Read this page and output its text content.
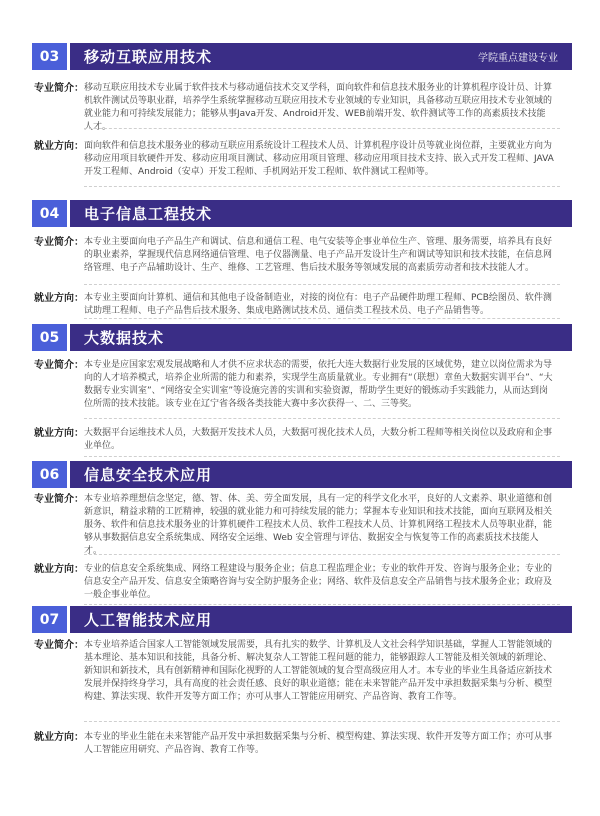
03	移动互联应用技术	学院重点建设专业
专业简介： 移动互联应用技术专业属于软件技术与移动通信技术交叉学科，面向软件和信息技术服务业的计算机程序设计员、计算机软件测试员等职业群，培养学生系统掌握移动互联应用技术专业领域的专业知识，具备移动互联应用技术专业领域的就业能力和可持续发展能力；能够从事Java开发、Android开发、WEB前端开发、软件测试等工作的高素质技术技能人才。
就业方向： 面向软件和信息技术服务业的移动互联应用系统设计工程技术人员、计算机程序设计员等就业岗位群，主要就业方向为移动应用项目软硬件开发、移动应用项目测试、移动应用项目管理、移动应用项目技术支持、嵌入式开发工程师、JAVA开发工程师、Android（安卓）开发工程师、手机网站开发工程师、软件测试工程师等。
04	电子信息工程技术
专业简介： 本专业主要面向电子产品生产和调试、信息和通信工程、电气安装等企事业单位生产、管理、服务需要，培养具有良好的职业素养，掌握现代信息网络通信管理、电子仪器测量、电子产品开发设计生产和调试等知识和技术技能，在信息网络管理、电子产品辅助设计、生产、维修、工艺管理、售后技术服务等领域发展的高素质劳动者和技术技能人才。
就业方向： 本专业主要面向计算机、通信和其他电子设备制造业，对接的岗位有：电子产品硬件助理工程师、PCB绘图员、软件测试助理工程师、电子产品售后技术服务、集成电路测试技术员、通信类工程技术员、电子产品销售等。
05	大数据技术
专业简介： 本专业是应国家宏观发展战略和人才供不应求状态的需要，依托大连大数据行业发展的区域优势，建立以岗位需求为导向的人才培养模式，培养企业所需的能力和素养，实现学生高质量就业。专业拥有“（联想）章鱼大数据实训平台”、“大数据专业实训室”、“网络安全实训室”等设施完善的实训和实验资源，帮助学生更好的锻炼动手实践能力，从而达到岗位所需的技术技能。该专业在辽宁省各级各类技能大赛中多次获得一、二、三等奖。
就业方向： 大数据平台运维技术人员，大数据开发技术人员，大数据可视化技术人员，大数分析工程师等相关岗位以及政府和企事业单位。
06	信息安全技术应用
专业简介： 本专业培养理想信念坚定，德、智、体、美、劳全面发展，具有一定的科学文化水平，良好的人文素养、职业道德和创新意识，精益求精的工匠精神，较强的就业能力和可持续发展的能力；掌握本专业知识和技术技能，面向互联网及相关服务、软件和信息技术服务业的计算机硬件工程技术人员、软件工程技术人员、计算机网络工程技术人员等职业群，能够从事数据信息安全系统集成、网络安全运维、Web 安全管理与评估、数据安全与恢复等工作的高素质技术技能人才。
就业方向： 专业的信息安全系统集成、网络工程建设与服务企业；信息工程监理企业；专业的软件开发、咨询与服务企业；专业的信息安全产品开发、信息安全策略咨询与安全防护服务企业；网络、软件及信息安全产品销售与技术服务企业；政府及一般企事业单位。
07	人工智能技术应用
专业简介： 本专业培养适合国家人工智能领域发展需要，具有扎实的数学、计算机及人文社会科学知识基础，掌握人工智能领域的基本理论、基本知识和技能，具备分析、解决复杂人工智能工程问题的能力，能够跟踪人工智能及相关领域的新理论、新知识和新技术，具有创新精神和国际化视野的人工智能领域的复合型高级应用人才。本专业的毕业生具备适应新技术发展并保持终身学习，具有高度的社会责任感、良好的职业道德；能在未来智能产品开发中承担数据采集与分析、模型构建、算法实现、软件开发等方面工作；亦可从事人工智能应用研究、产品咨询、教育工作等。
就业方向： 本专业的毕业生能在未来智能产品开发中承担数据采集与分析、模型构建、算法实现、软件开发等方面工作；亦可从事人工智能应用研究、产品咨询、教育工作等。
